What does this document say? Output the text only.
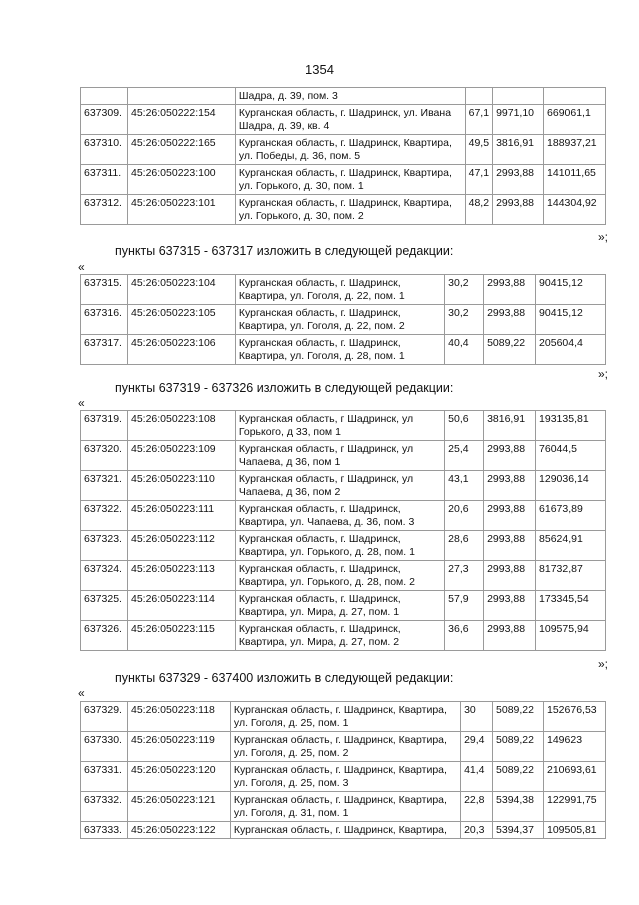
1354
		Шадра, д. 39, пом. 3			
637309.	45:26:050222:154	Курганская область, г. Шадринск, ул. Ивана Шадра, д. 39, кв. 4	67,1	9971,10	669061,1
637310.	45:26:050222:165	Курганская область, г. Шадринск, Квартира, ул. Победы, д. 36, пом. 5	49,5	3816,91	188937,21
637311.	45:26:050223:100	Курганская область, г. Шадринск, Квартира, ул. Горького, д. 30, пом. 1	47,1	2993,88	141011,65
637312.	45:26:050223:101	Курганская область, г. Шадринск, Квартира, ул. Горького, д. 30, пом. 2	48,2	2993,88	144304,92
»;
пункты 637315 - 637317 изложить в следующей редакции:
«
637315.	45:26:050223:104	Курганская область, г. Шадринск, Квартира, ул. Гоголя, д. 22, пом. 1	30,2	2993,88	90415,12
637316.	45:26:050223:105	Курганская область, г. Шадринск, Квартира, ул. Гоголя, д. 22, пом. 2	30,2	2993,88	90415,12
637317.	45:26:050223:106	Курганская область, г. Шадринск, Квартира, ул. Гоголя, д. 28, пом. 1	40,4	5089,22	205604,4
»;
пункты 637319 - 637326 изложить в следующей редакции:
«
637319.	45:26:050223:108	Курганская область, г Шадринск, ул Горького, д 33, пом 1	50,6	3816,91	193135,81
637320.	45:26:050223:109	Курганская область, г Шадринск, ул Чапаева, д 36, пом 1	25,4	2993,88	76044,5
637321.	45:26:050223:110	Курганская область, г Шадринск, ул Чапаева, д 36, пом 2	43,1	2993,88	129036,14
637322.	45:26:050223:111	Курганская область, г. Шадринск, Квартира, ул. Чапаева, д. 36, пом. 3	20,6	2993,88	61673,89
637323.	45:26:050223:112	Курганская область, г. Шадринск, Квартира, ул. Горького, д. 28, пом. 1	28,6	2993,88	85624,91
637324.	45:26:050223:113	Курганская область, г. Шадринск, Квартира, ул. Горького, д. 28, пом. 2	27,3	2993,88	81732,87
637325.	45:26:050223:114	Курганская область, г. Шадринск, Квартира, ул. Мира, д. 27, пом. 1	57,9	2993,88	173345,54
637326.	45:26:050223:115	Курганская область, г. Шадринск, Квартира, ул. Мира, д. 27, пом. 2	36,6	2993,88	109575,94
»;
пункты 637329 - 637400 изложить в следующей редакции:
«
637329.	45:26:050223:118	Курганская область, г. Шадринск, Квартира, ул. Гоголя, д. 25, пом. 1	30	5089,22	152676,53
637330.	45:26:050223:119	Курганская область, г. Шадринск, Квартира, ул. Гоголя, д. 25, пом. 2	29,4	5089,22	149623
637331.	45:26:050223:120	Курганская область, г. Шадринск, Квартира, ул. Гоголя, д. 25, пом. 3	41,4	5089,22	210693,61
637332.	45:26:050223:121	Курганская область, г. Шадринск, Квартира, ул. Гоголя, д. 31, пом. 1	22,8	5394,38	122991,75
637333.	45:26:050223:122	Курганская область, г. Шадринск, Квартира,	20,3	5394,37	109505,81
